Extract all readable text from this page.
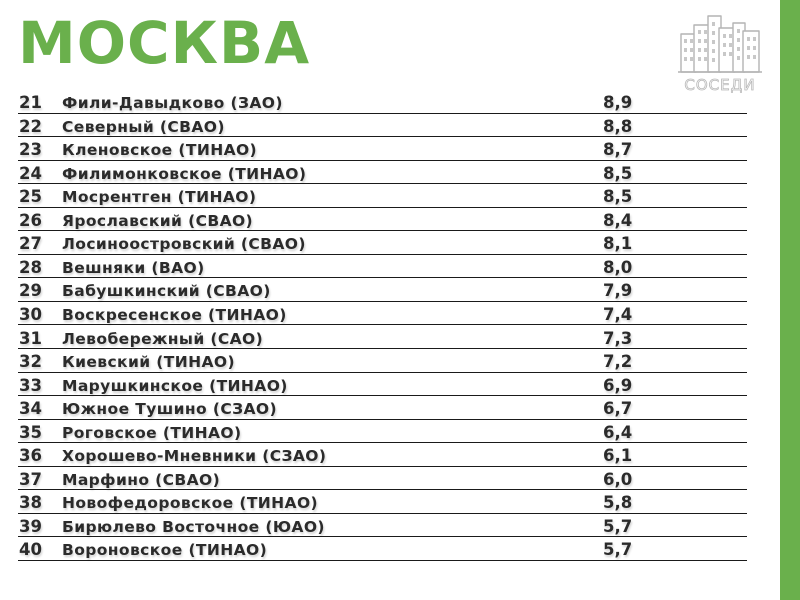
МОСКВА
СОСЕДИ
21 Фили-Давыдково (ЗАО)	8,9
22 Северный (СВАО)	8,8
23 Кленовское (ТИНАО)	8,7
24 Филимонковское (ТИНАО)	8,5
25 Мосрентген (ТИНАО)	8,5
26 Ярославский (СВАО)	8,4
27 Лосиноостровский (СВАО)	8,1
28 Вешняки (ВАО)	8,0
29 Бабушкинский (СВАО)	7,9
30 Воскресенское (ТИНАО)	7,4
31 Левобережный (САО)	7,3
32 Киевский (ТИНАО)	7,2
33 Марушкинское (ТИНАО)	6,9
34 Южное Тушино (СЗАО)	6,7
35 Роговское (ТИНАО)	6,4
36 Хорошево-Мневники (СЗАО)	6,1
37 Марфино (СВАО)	6,0
38 Новофедоровское (ТИНАО)	5,8
39 Бирюлево Восточное (ЮАО)	5,7
40 Вороновское (ТИНАО)	5,7
